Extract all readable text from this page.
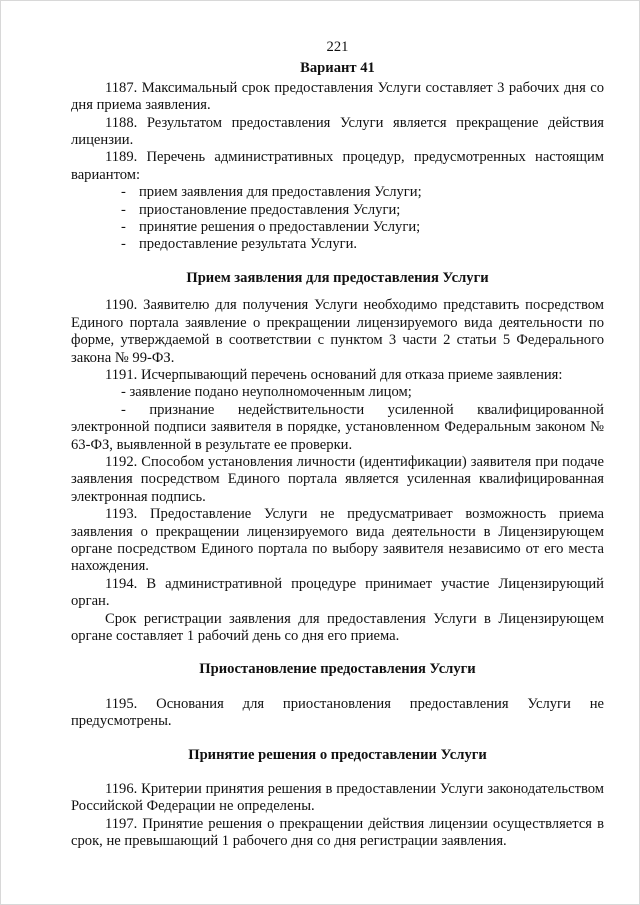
221
Вариант 41

1187. Максимальный срок предоставления Услуги составляет 3 рабочих дня со дня приема заявления.

1188. Результатом предоставления Услуги является прекращение действия лицензии.

1189. Перечень административных процедур, предусмотренных настоящим вариантом:

- прием заявления для предоставления Услуги;
- приостановление предоставления Услуги;
- принятие решения о предоставлении Услуги;
- предоставление результата Услуги.
Прием заявления для предоставления Услуги

1190. Заявителю для получения Услуги необходимо представить посредством Единого портала заявление о прекращении лицензируемого вида деятельности по форме, утверждаемой в соответствии с пунктом 3 части 2 статьи 5 Федерального закона № 99-ФЗ.

1191. Исчерпывающий перечень оснований для отказа приеме заявления:

- заявление подано неуполномоченным лицом;

- признание недействительности усиленной квалифицированной электронной подписи заявителя в порядке, установленном Федеральным законом № 63-ФЗ, выявленной в результате ее проверки.

1192. Способом установления личности (идентификации) заявителя при подаче заявления посредством Единого портала является усиленная квалифицированная электронная подпись.

1193. Предоставление Услуги не предусматривает возможность приема заявления о прекращении лицензируемого вида деятельности в Лицензирующем органе посредством Единого портала по выбору заявителя независимо от его места нахождения.

1194. В административной процедуре принимает участие Лицензирующий орган.

Срок регистрации заявления для предоставления Услуги в Лицензирующем органе составляет 1 рабочий день со дня его приема.

Приостановление предоставления Услуги

1195. Основания для приостановления предоставления Услуги не предусмотрены.

Принятие решения о предоставлении Услуги

1196. Критерии принятия решения в предоставлении Услуги законодательством Российской Федерации не определены.

1197. Принятие решения о прекращении действия лицензии осуществляется в срок, не превышающий 1 рабочего дня со дня регистрации заявления.
